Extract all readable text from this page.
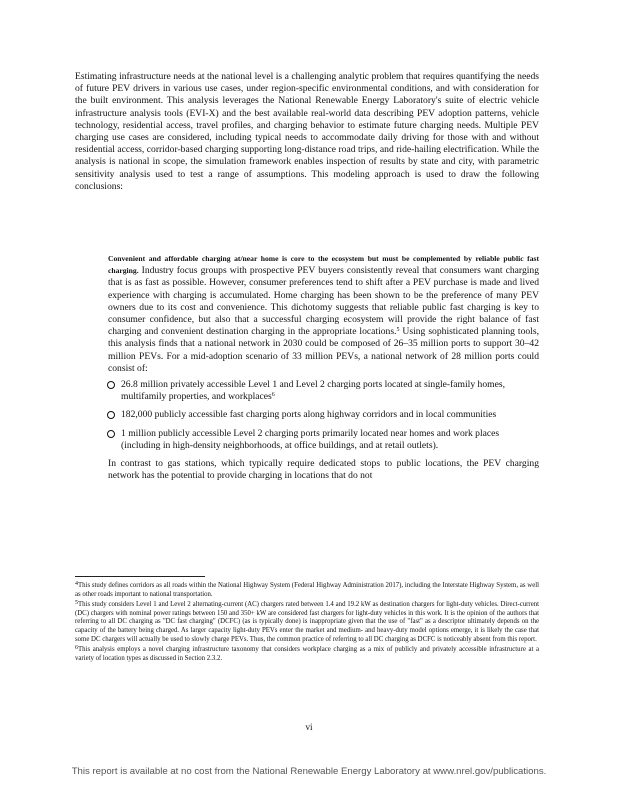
Estimating infrastructure needs at the national level is a challenging analytic problem that requires quantifying the needs of future PEV drivers in various use cases, under region-specific environmental conditions, and with consideration for the built environment. This analysis leverages the National Renewable Energy Laboratory's suite of electric vehicle infrastructure analysis tools (EVI-X) and the best available real-world data describing PEV adoption patterns, vehicle technology, residential access, travel profiles, and charging behavior to estimate future charging needs. Multiple PEV charging use cases are considered, including typical needs to accommodate daily driving for those with and without residential access, corridor-based charging supporting long-distance road trips, and ride-hailing electrification. While the analysis is national in scope, the simulation framework enables inspection of results by state and city, with parametric sensitivity analysis used to test a range of assumptions. This modeling approach is used to draw the following conclusions:

Convenient and affordable charging at/near home is core to the ecosystem but must be complemented by reliable public fast charging. Industry focus groups with prospective PEV buyers consistently reveal that consumers want charging that is as fast as possible. However, consumer preferences tend to shift after a PEV purchase is made and lived experience with charging is accumulated. Home charging has been shown to be the preference of many PEV owners due to its cost and convenience. This dichotomy suggests that reliable public fast charging is key to consumer confidence, but also that a successful charging ecosystem will provide the right balance of fast charging and convenient destination charging in the appropriate locations.$^5$ Using sophisticated planning tools, this analysis finds that a national network in 2030 could be composed of 26–35 million ports to support 30–42 million PEVs. For a mid-adoption scenario of 33 million PEVs, a national network of 28 million ports could consist of:
26.8 million privately accessible Level 1 and Level 2 charging ports located at single-family homes, multifamily properties, and workplaces$^6$
182,000 publicly accessible fast charging ports along highway corridors and in local communities
1 million publicly accessible Level 2 charging ports primarily located near homes and work places (including in high-density neighborhoods, at office buildings, and at retail outlets).

In contrast to gas stations, which typically require dedicated stops to public locations, the PEV charging network has the potential to provide charging in locations that do not

$^4$This study defines corridors as all roads within the National Highway System (Federal Highway Administration 2017), including the Interstate Highway System, as well as other roads important to national transportation.

$^5$This study considers Level 1 and Level 2 alternating-current (AC) chargers rated between 1.4 and 19.2 kW as destination chargers for light-duty vehicles. Direct-current (DC) chargers with nominal power ratings between 150 and 350+ kW are considered fast chargers for light-duty vehicles in this work. It is the opinion of the authors that referring to all DC charging as "DC fast charging" (DCFC) (as is typically done) is inappropriate given that the use of "fast" as a descriptor ultimately depends on the capacity of the battery being charged. As larger capacity light-duty PEVs enter the market and medium- and heavy-duty model options emerge, it is likely the case that some DC chargers will actually be used to slowly charge PEVs. Thus, the common practice of referring to all DC charging as DCFC is noticeably absent from this report.

$^6$This analysis employs a novel charging infrastructure taxonomy that considers workplace charging as a mix of publicly and privately accessible infrastructure at a variety of location types as discussed in Section 2.3.2.

vi
This report is available at no cost from the National Renewable Energy Laboratory at www.nrel.gov/publications.
